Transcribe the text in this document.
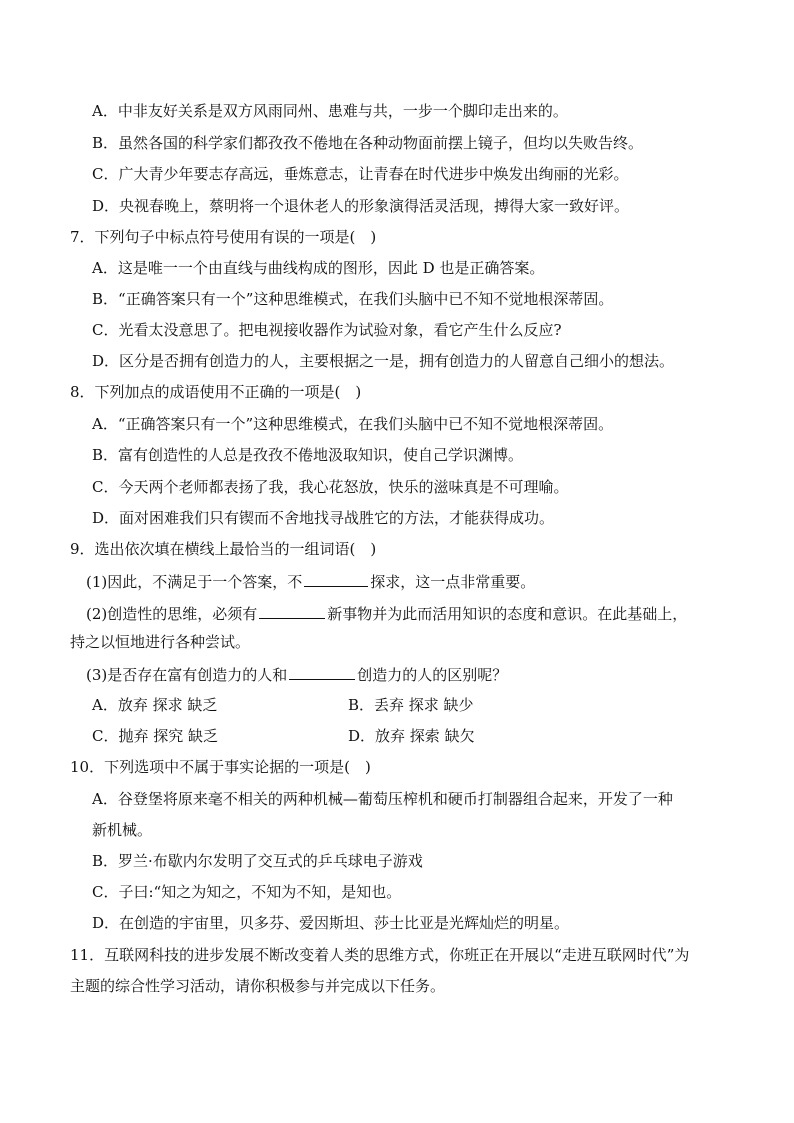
A．中非友好关系是双方风雨同州、患难与共，一步一个脚印走出来的。
B．虽然各国的科学家们都孜孜不倦地在各种动物面前摆上镜子，但均以失败告终。
C．广大青少年要志存高远，垂炼意志，让青春在时代进步中焕发出绚丽的光彩。
D．央视春晚上，蔡明将一个退休老人的形象演得活灵活现，搏得大家一致好评。
7．下列句子中标点符号使用有误的一项是(　)
A．这是唯一一个由直线与曲线构成的图形，因此 D 也是正确答案。
B．“正确答案只有一个”这种思维模式，在我们头脑中已不知不觉地根深蒂固。
C．光看太没意思了。把电视接收器作为试验对象，看它产生什么反应?
D．区分是否拥有创造力的人，主要根据之一是，拥有创造力的人留意自己细小的想法。
8．下列加点的成语使用不正确的一项是(　)
A．“正确答案只有一个”这种思维模式，在我们头脑中已不知不觉地根深蒂固。
B．富有创造性的人总是孜孜不倦地汲取知识，使自己学识渊博。
C．今天两个老师都表扬了我，我心花怒放，快乐的滋味真是不可理喻。
D．面对困难我们只有锲而不舍地找寻战胜它的方法，才能获得成功。
9．选出依次填在横线上最恰当的一组词语(　)
(1)因此，不满足于一个答案，不	探求，这一点非常重要。
(2)创造性的思维，必须有	新事物并为此而活用知识的态度和意识。在此基础上，
持之以恒地进行各种尝试。
(3)是否存在富有创造力的人和	创造力的人的区别呢？
A．放弃 探求 缺乏	B．丢弃 探求 缺少
C．抛弃 探究 缺乏	D．放弃 探索 缺欠
10．下列选项中不属于事实论据的一项是(　)
A．谷登堡将原来毫不相关的两种机械—葡萄压榨机和硬币打制器组合起来，开发了一种
新机械。
B．罗兰·布歇内尔发明了交互式的乒乓球电子游戏
C．子曰:“知之为知之，不知为不知，是知也。
D．在创造的宇宙里，贝多芬、爱因斯坦、莎士比亚是光辉灿烂的明星。
11．互联网科技的进步发展不断改变着人类的思维方式，你班正在开展以“走进互联网时代”为
主题的综合性学习活动，请你积极参与并完成以下任务。
